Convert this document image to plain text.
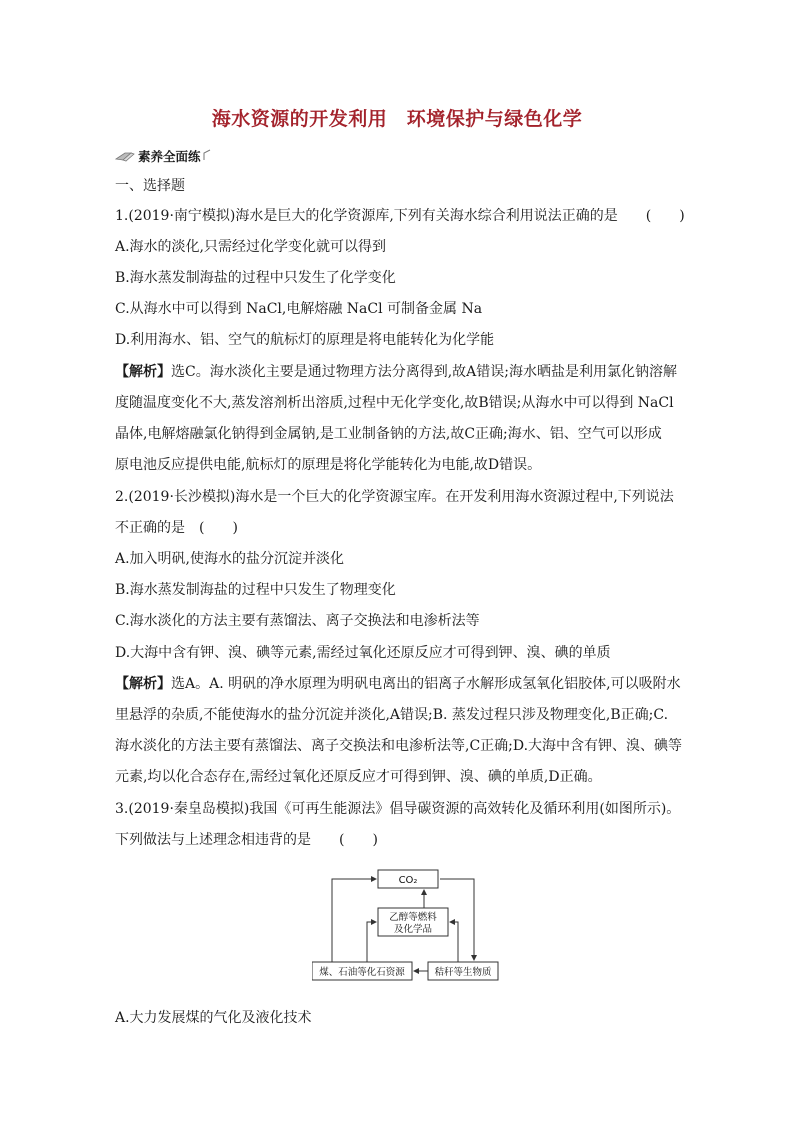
海水资源的开发利用　环境保护与绿色化学
素养全面练
一、选择题
1.(2019·南宁模拟)海水是巨大的化学资源库,下列有关海水综合利用说法正确的是　　(　　)
A.海水的淡化,只需经过化学变化就可以得到
B.海水蒸发制海盐的过程中只发生了化学变化
C.从海水中可以得到 NaCl,电解熔融 NaCl 可制备金属 Na
D.利用海水、铝、空气的航标灯的原理是将电能转化为化学能
【解析】选C。海水淡化主要是通过物理方法分离得到,故A错误;海水晒盐是利用氯化钠溶解
度随温度变化不大,蒸发溶剂析出溶质,过程中无化学变化,故B错误;从海水中可以得到 NaCl
晶体,电解熔融氯化钠得到金属钠,是工业制备钠的方法,故C正确;海水、铝、空气可以形成
原电池反应提供电能,航标灯的原理是将化学能转化为电能,故D错误。
2.(2019·长沙模拟)海水是一个巨大的化学资源宝库。在开发利用海水资源过程中,下列说法
不正确的是　(　　)
A.加入明矾,使海水的盐分沉淀并淡化
B.海水蒸发制海盐的过程中只发生了物理变化
C.海水淡化的方法主要有蒸馏法、离子交换法和电渗析法等
D.大海中含有钾、溴、碘等元素,需经过氧化还原反应才可得到钾、溴、碘的单质
【解析】选A。A. 明矾的净水原理为明矾电离出的铝离子水解形成氢氧化铝胶体,可以吸附水
里悬浮的杂质,不能使海水的盐分沉淀并淡化,A错误;B. 蒸发过程只涉及物理变化,B正确;C.
海水淡化的方法主要有蒸馏法、离子交换法和电渗析法等,C正确;D.大海中含有钾、溴、碘等
元素,均以化合态存在,需经过氧化还原反应才可得到钾、溴、碘的单质,D正确。
3.(2019·秦皇岛模拟)我国《可再生能源法》倡导碳资源的高效转化及循环利用(如图所示)。
下列做法与上述理念相违背的是　　(　　)
CO₂
乙醇等燃料
及化学品
煤、石油等化石资源	秸秆等生物质
A.大力发展煤的气化及液化技术
